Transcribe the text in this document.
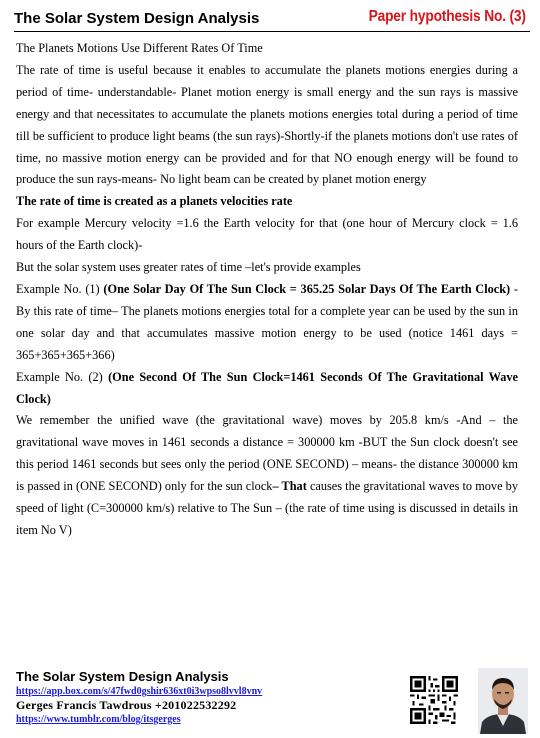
The Solar System Design Analysis	Paper hypothesis No. (3)

The Planets Motions Use Different Rates Of Time

The rate of time is useful because it enables to accumulate the planets motions energies during a period of time- understandable- Planet motion energy is small energy and the sun rays is massive energy and that necessitates to accumulate the planets motions energies total during a period of time till be sufficient to produce light beams (the sun rays)-Shortly-if the planets motions don't use rates of time, no massive motion energy can be provided and for that NO enough energy will be found to produce the sun rays-means- No light beam can be created by planet motion energy

The rate of time is created as a planets velocities rate

For example Mercury velocity =1.6 the Earth velocity for that (one hour of Mercury clock = 1.6 hours of the Earth clock)-

But the solar system uses greater rates of time –let's provide examples

Example No. (1) (One Solar Day Of The Sun Clock = 365.25 Solar Days Of The Earth Clock) -By this rate of time– The planets motions energies total for a complete year can be used by the sun in one solar day and that accumulates massive motion energy to be used (notice 1461 days = 365+365+365+366)

Example No. (2) (One Second Of The Sun Clock=1461 Seconds Of The Gravitational Wave Clock)

We remember the unified wave (the gravitational wave) moves by 205.8 km/s -And – the gravitational wave moves in 1461 seconds a distance = 300000 km -BUT the Sun clock doesn't see this period 1461 seconds but sees only the period (ONE SECOND) – means- the distance 300000 km is passed in (ONE SECOND) only for the sun clock– That causes the gravitational waves to move by speed of light (C=300000 km/s) relative to The Sun – (the rate of time using is discussed in details in item No V)

The Solar System Design Analysis
https://app.box.com/s/47fwd0gshir636xt0i3wpso8lvvl8vnv
Gerges Francis Tawdrous +201022532292
https://www.tumblr.com/blog/itsgerges
